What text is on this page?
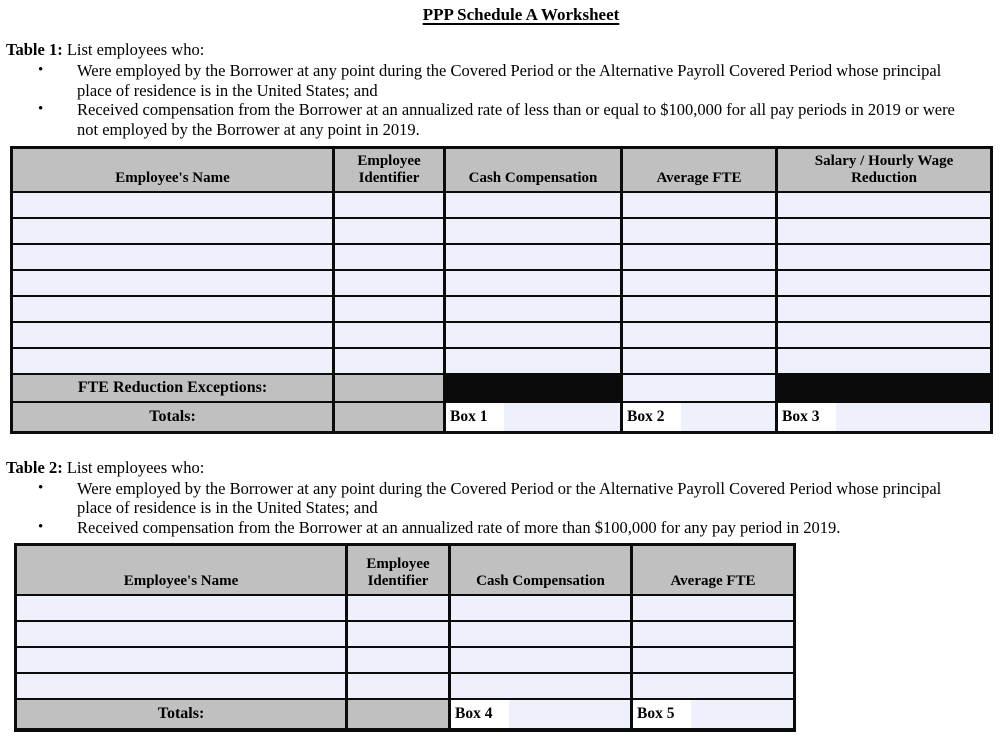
PPP Schedule A Worksheet
Table 1: List employees who:
•	Were employed by the Borrower at any point during the Covered Period or the Alternative Payroll Covered Period whose principal place of residence is in the United States; and
•	Received compensation from the Borrower at an annualized rate of less than or equal to $100,000 for all pay periods in 2019 or were not employed by the Borrower at any point in 2019.
Employee's Name	Employee Identifier	Cash Compensation	Average FTE	Salary / Hourly Wage Reduction

FTE Reduction Exceptions:				
Totals:		Box 1	Box 2	Box 3
Table 2: List employees who:
•	Were employed by the Borrower at any point during the Covered Period or the Alternative Payroll Covered Period whose principal place of residence is in the United States; and
•	Received compensation from the Borrower at an annualized rate of more than $100,000 for any pay period in 2019.
Employee's Name	Employee Identifier	Cash Compensation	Average FTE

Totals:		Box 4	Box 5
